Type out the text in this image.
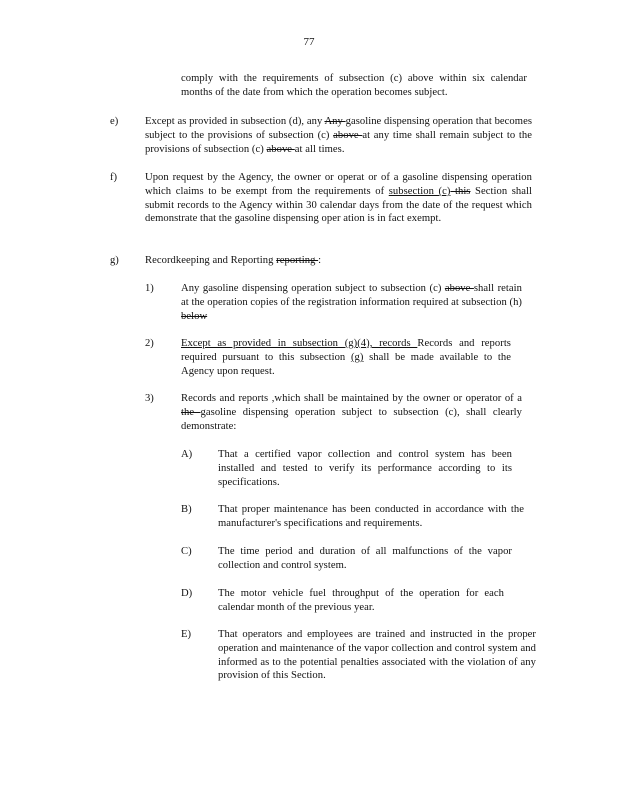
77

comply with the requirements of subsection (c) above within six calendar months of the date from which the operation becomes subject.

e)	Except as provided in subsection (d), any Any gasoline dispensing operation that becomes subject to the provisions of subsection (c) above at any time shall remain subject to the provisions of subsection (c) above at all times.

f)	Upon request by the Agency, the owner or operat or of a gasoline dispensing operation which claims to be exempt from the requirements of subsection (c) this Section shall submit records to the Agency within 30 calendar days from the date of the request which demonstrate that the gasoline dispensing oper ation is in fact exempt.

g) Recordkeeping and Reporting reporting :

1)	Any gasoline dispensing operation subject to subsection (c) above shall retain at the operation copies of the registration information required at subsection (h) below

2)	Except as provided in subsection (g)(4), records Records and reports required pursuant to this subsection (g) shall be made available to the Agency upon request.

3)	Records and reports ,which shall be maintained by the owner or operator of a the gasoline dispensing operation subject to subsection (c), shall clearly demonstrate:

A) That a certified vapor collection and control system has been installed and tested to verify its performance according to its specifications.

B) That proper maintenance has been conducted in accordance with the manufacturer's specifications and requirements.

C) The time period and duration of all malfunctions of the vapor collection and control system.

D) The motor vehicle fuel throughput of the operation for each calendar month of the previous year.

E)	That operators and employees are trained and instructed in the proper operation and maintenance of the vapor collection and control system and informed as to the potential penalties associated with the violation of any provision of this Section.
